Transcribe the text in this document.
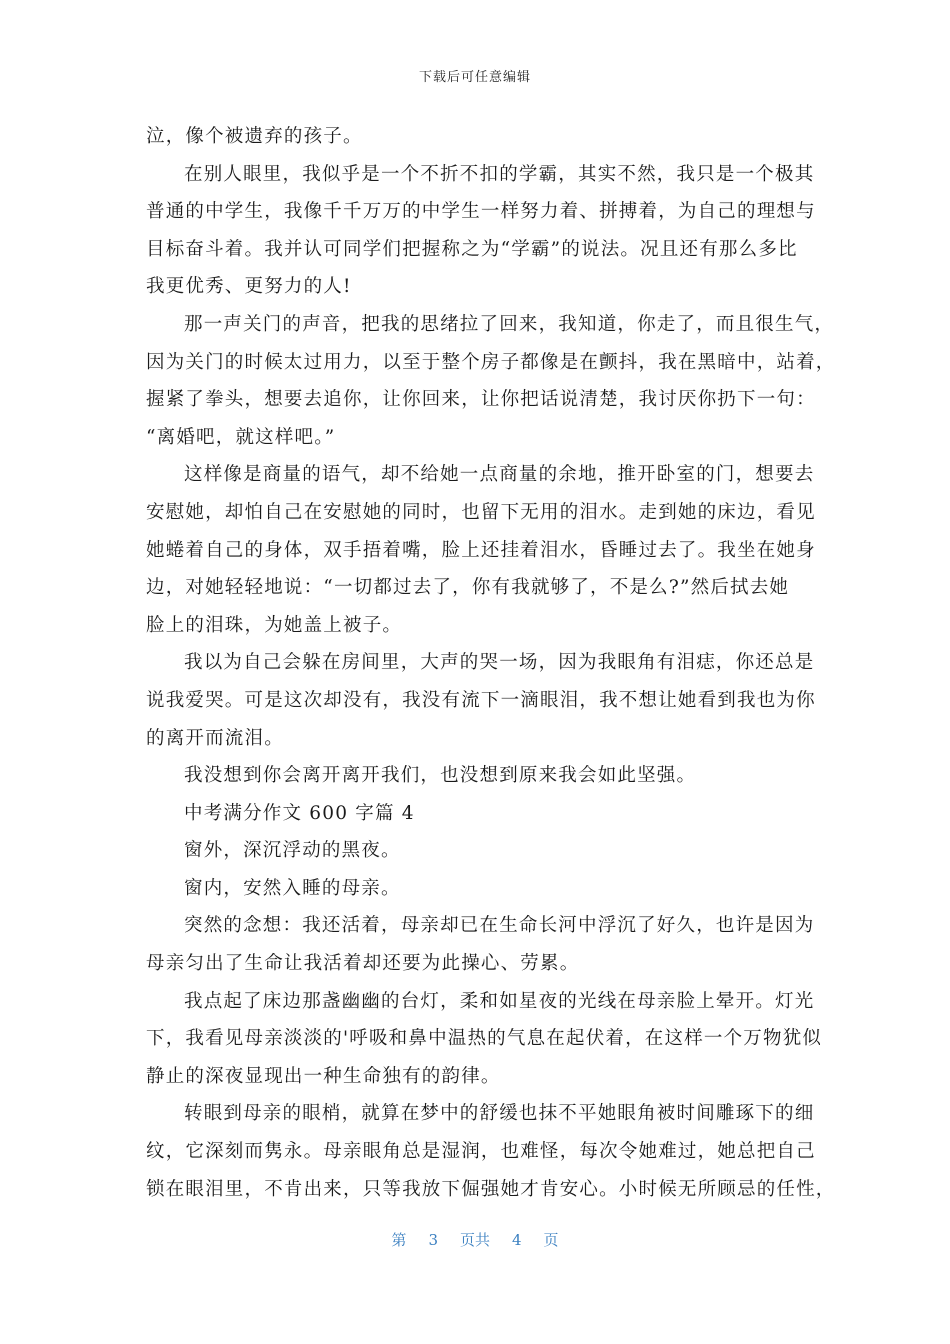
下载后可任意编辑
泣，像个被遗弃的孩子。
在别人眼里，我似乎是一个不折不扣的学霸，其实不然，我只是一个极其
普通的中学生，我像千千万万的中学生一样努力着、拼搏着，为自己的理想与
目标奋斗着。我并认可同学们把握称之为“学霸”的说法。况且还有那么多比
我更优秀、更努力的人!
那一声关门的声音，把我的思绪拉了回来，我知道，你走了，而且很生气，
因为关门的时候太过用力，以至于整个房子都像是在颤抖，我在黑暗中，站着，
握紧了拳头，想要去追你，让你回来，让你把话说清楚，我讨厌你扔下一句：
“离婚吧，就这样吧。”
这样像是商量的语气，却不给她一点商量的余地，推开卧室的门，想要去
安慰她，却怕自己在安慰她的同时，也留下无用的泪水。走到她的床边，看见
她蜷着自己的身体，双手捂着嘴，脸上还挂着泪水，昏睡过去了。我坐在她身
边，对她轻轻地说：“一切都过去了，你有我就够了，不是么?”然后拭去她
脸上的泪珠，为她盖上被子。
我以为自己会躲在房间里，大声的哭一场，因为我眼角有泪痣，你还总是
说我爱哭。可是这次却没有，我没有流下一滴眼泪，我不想让她看到我也为你
的离开而流泪。
我没想到你会离开离开我们，也没想到原来我会如此坚强。
中考满分作文 600 字篇 4
窗外，深沉浮动的黑夜。
窗内，安然入睡的母亲。
突然的念想：我还活着，母亲却已在生命长河中浮沉了好久，也许是因为
母亲匀出了生命让我活着却还要为此操心、劳累。
我点起了床边那盏幽幽的台灯，柔和如星夜的光线在母亲脸上晕开。灯光
下，我看见母亲淡淡的'呼吸和鼻中温热的气息在起伏着，在这样一个万物犹似
静止的深夜显现出一种生命独有的韵律。
转眼到母亲的眼梢，就算在梦中的舒缓也抹不平她眼角被时间雕琢下的细
纹，它深刻而隽永。母亲眼角总是湿润，也难怪，每次令她难过，她总把自己
锁在眼泪里，不肯出来，只等我放下倔强她才肯安心。小时候无所顾忌的任性，
第 3 页共 4 页
